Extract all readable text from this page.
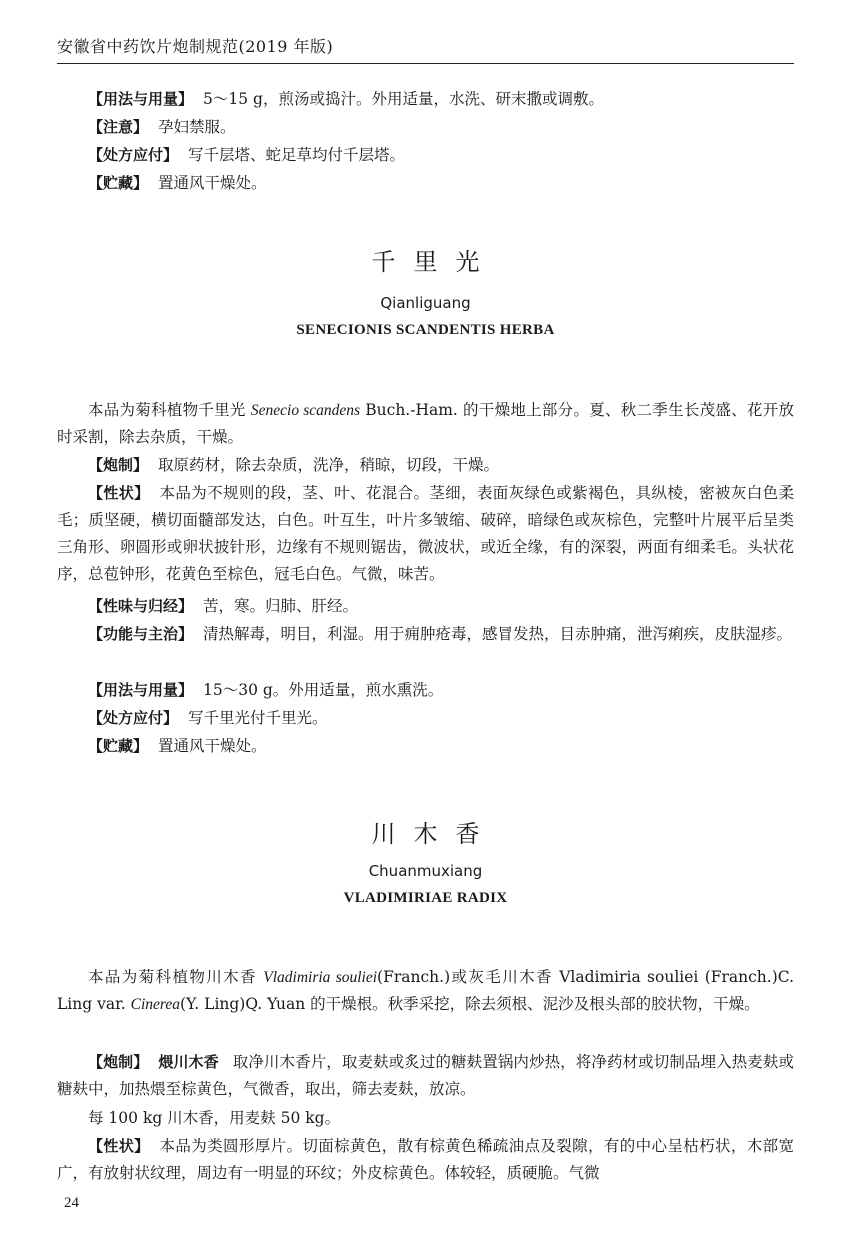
安徽省中药饮片炮制规范(2019 年版)

【用法与用量】 5～15 g，煎汤或捣汁。外用适量，水洗、研末撒或调敷。

【注意】 孕妇禁服。

【处方应付】 写千层塔、蛇足草均付千层塔。

【贮藏】 置通风干燥处。

千里光
Qianliguang
SENECIONIS SCANDENTIS HERBA

本品为菊科植物千里光 Senecio scandens Buch.-Ham. 的干燥地上部分。夏、秋二季生长茂盛、花开放时采割，除去杂质，干燥。

【炮制】 取原药材，除去杂质，洗净，稍晾，切段，干燥。

【性状】 本品为不规则的段，茎、叶、花混合。茎细，表面灰绿色或紫褐色，具纵棱，密被灰白色柔毛；质坚硬，横切面髓部发达，白色。叶互生，叶片多皱缩、破碎，暗绿色或灰棕色，完整叶片展平后呈类三角形、卵圆形或卵状披针形，边缘有不规则锯齿，微波状，或近全缘，有的深裂，两面有细柔毛。头状花序，总苞钟形，花黄色至棕色，冠毛白色。气微，味苦。

【性味与归经】 苦，寒。归肺、肝经。

【功能与主治】 清热解毒，明目，利湿。用于痈肿疮毒，感冒发热，目赤肿痛，泄泻痢疾，皮肤湿疹。

【用法与用量】 15～30 g。外用适量，煎水熏洗。

【处方应付】 写千里光付千里光。

【贮藏】 置通风干燥处。

川木香
Chuanmuxiang
VLADIMIRIAE RADIX

本品为菊科植物川木香 Vladimiria souliei(Franch.)或灰毛川木香 Vladimiria souliei (Franch.)C. Ling var. Cinerea(Y. Ling)Q. Yuan 的干燥根。秋季采挖，除去须根、泥沙及根头部的胶状物，干燥。

【炮制】 煨川木香 取净川木香片，取麦麸或炙过的糖麸置锅内炒热，将净药材或切制品埋入热麦麸或糖麸中，加热煨至棕黄色，气微香，取出，筛去麦麸，放凉。

每 100 kg 川木香，用麦麸 50 kg。

【性状】 本品为类圆形厚片。切面棕黄色，散有棕黄色稀疏油点及裂隙，有的中心呈枯朽状，木部宽广，有放射状纹理，周边有一明显的环纹；外皮棕黄色。体较轻，质硬脆。气微

24
